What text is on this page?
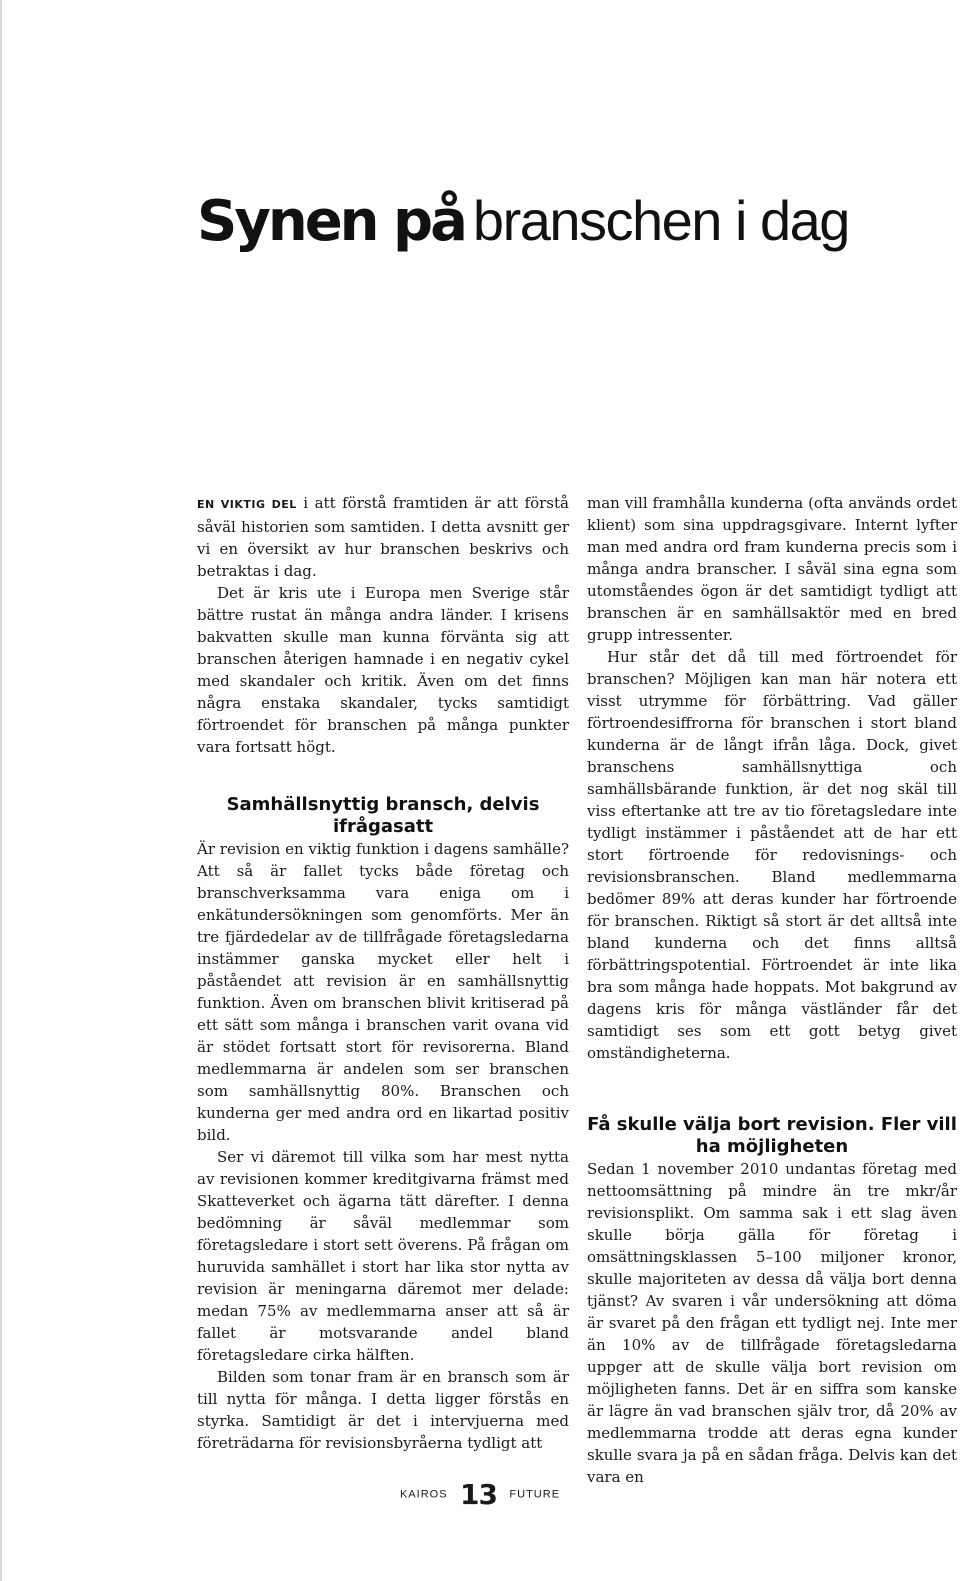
Synen på branschen i dag

EN VIKTIG DEL i att förstå framtiden är att förstå såväl historien som samtiden. I detta avsnitt ger vi en översikt av hur branschen beskrivs och betraktas i dag.

Det är kris ute i Europa men Sverige står bättre rustat än många andra länder. I krisens bakvatten skulle man kunna förvänta sig att branschen återigen hamnade i en negativ cykel med skandaler och kritik. Även om det finns några enstaka skandaler, tycks samtidigt förtroendet för branschen på många punkter vara fortsatt högt.

Samhällsnyttig bransch, delvis ifrågasatt

Är revision en viktig funktion i dagens samhälle? Att så är fallet tycks både företag och branschverksamma vara eniga om i enkätundersökningen som genomförts. Mer än tre fjärdedelar av de tillfrågade företagsledarna instämmer ganska mycket eller helt i påståendet att revision är en samhällsnyttig funktion. Även om branschen blivit kritiserad på ett sätt som många i branschen varit ovana vid är stödet fortsatt stort för revisorerna. Bland medlemmarna är andelen som ser branschen som samhällsnyttig 80%. Branschen och kunderna ger med andra ord en likartad positiv bild.

Ser vi däremot till vilka som har mest nytta av revisionen kommer kreditgivarna främst med Skatteverket och ägarna tätt därefter. I denna bedömning är såväl medlemmar som företagsledare i stort sett överens. På frågan om huruvida samhället i stort har lika stor nytta av revision är meningarna däremot mer delade: medan 75% av medlemmarna anser att så är fallet är motsvarande andel bland företagsledare cirka hälften.

Bilden som tonar fram är en bransch som är till nytta för många. I detta ligger förstås en styrka. Samtidigt är det i intervjuerna med företrädarna för revisionsbyråerna tydligt att

man vill framhålla kunderna (ofta används ordet klient) som sina uppdragsgivare. Internt lyfter man med andra ord fram kunderna precis som i många andra branscher. I såväl sina egna som utomståendes ögon är det samtidigt tydligt att branschen är en samhällsaktör med en bred grupp intressenter.

Hur står det då till med förtroendet för branschen? Möjligen kan man här notera ett visst utrymme för förbättring. Vad gäller förtroendesiffrorna för branschen i stort bland kunderna är de långt ifrån låga. Dock, givet branschens samhällsnyttiga och samhällsbärande funktion, är det nog skäl till viss eftertanke att tre av tio företagsledare inte tydligt instämmer i påståendet att de har ett stort förtroende för redovisnings- och revisionsbranschen. Bland medlemmarna bedömer 89% att deras kunder har förtroende för branschen. Riktigt så stort är det alltså inte bland kunderna och det finns alltså förbättringspotential. Förtroendet är inte lika bra som många hade hoppats. Mot bakgrund av dagens kris för många västländer får det samtidigt ses som ett gott betyg givet omständigheterna.

Få skulle välja bort revision. Fler vill ha möjligheten

Sedan 1 november 2010 undantas företag med nettoomsättning på mindre än tre mkr/år revisionsplikt. Om samma sak i ett slag även skulle börja gälla för företag i omsättningsklassen 5–100 miljoner kronor, skulle majoriteten av dessa då välja bort denna tjänst? Av svaren i vår undersökning att döma är svaret på den frågan ett tydligt nej. Inte mer än 10% av de tillfrågade företagsledarna uppger att de skulle välja bort revision om möjligheten fanns. Det är en siffra som kanske är lägre än vad branschen själv tror, då 20% av medlemmarna trodde att deras egna kunder skulle svara ja på en sådan fråga. Delvis kan det vara en

KAIROS 13 FUTURE
